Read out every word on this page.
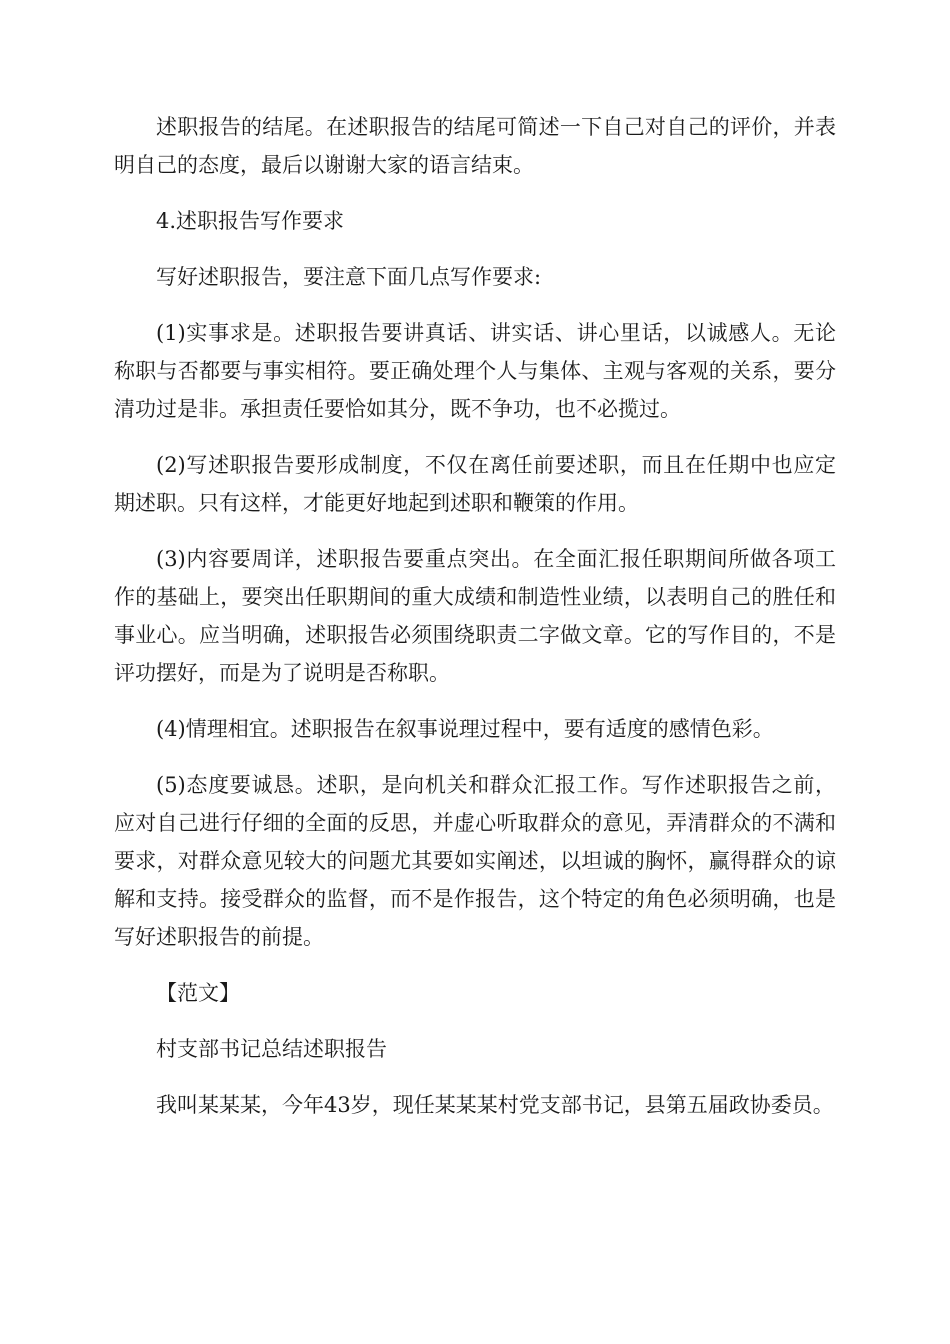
述职报告的结尾。在述职报告的结尾可简述一下自己对自己的评价，并表明自己的态度，最后以谢谢大家的语言结束。

4.述职报告写作要求

写好述职报告，要注意下面几点写作要求:

(1)实事求是。述职报告要讲真话、讲实话、讲心里话，以诚感人。无论称职与否都要与事实相符。要正确处理个人与集体、主观与客观的关系，要分清功过是非。承担责任要恰如其分，既不争功，也不必揽过。

(2)写述职报告要形成制度，不仅在离任前要述职，而且在任期中也应定期述职。只有这样，才能更好地起到述职和鞭策的作用。

(3)内容要周详，述职报告要重点突出。在全面汇报任职期间所做各项工作的基础上，要突出任职期间的重大成绩和制造性业绩，以表明自己的胜任和事业心。应当明确，述职报告必须围绕职责二字做文章。它的写作目的，不是评功摆好，而是为了说明是否称职。

(4)情理相宜。述职报告在叙事说理过程中，要有适度的感情色彩。

(5)态度要诚恳。述职，是向机关和群众汇报工作。写作述职报告之前，应对自己进行仔细的全面的反思，并虚心听取群众的意见，弄清群众的不满和要求，对群众意见较大的问题尤其要如实阐述，以坦诚的胸怀，赢得群众的谅解和支持。接受群众的监督，而不是作报告，这个特定的角色必须明确，也是写好述职报告的前提。

【范文】

村支部书记总结述职报告

我叫某某某，今年43岁，现任某某某村党支部书记，县第五届政协委员。
